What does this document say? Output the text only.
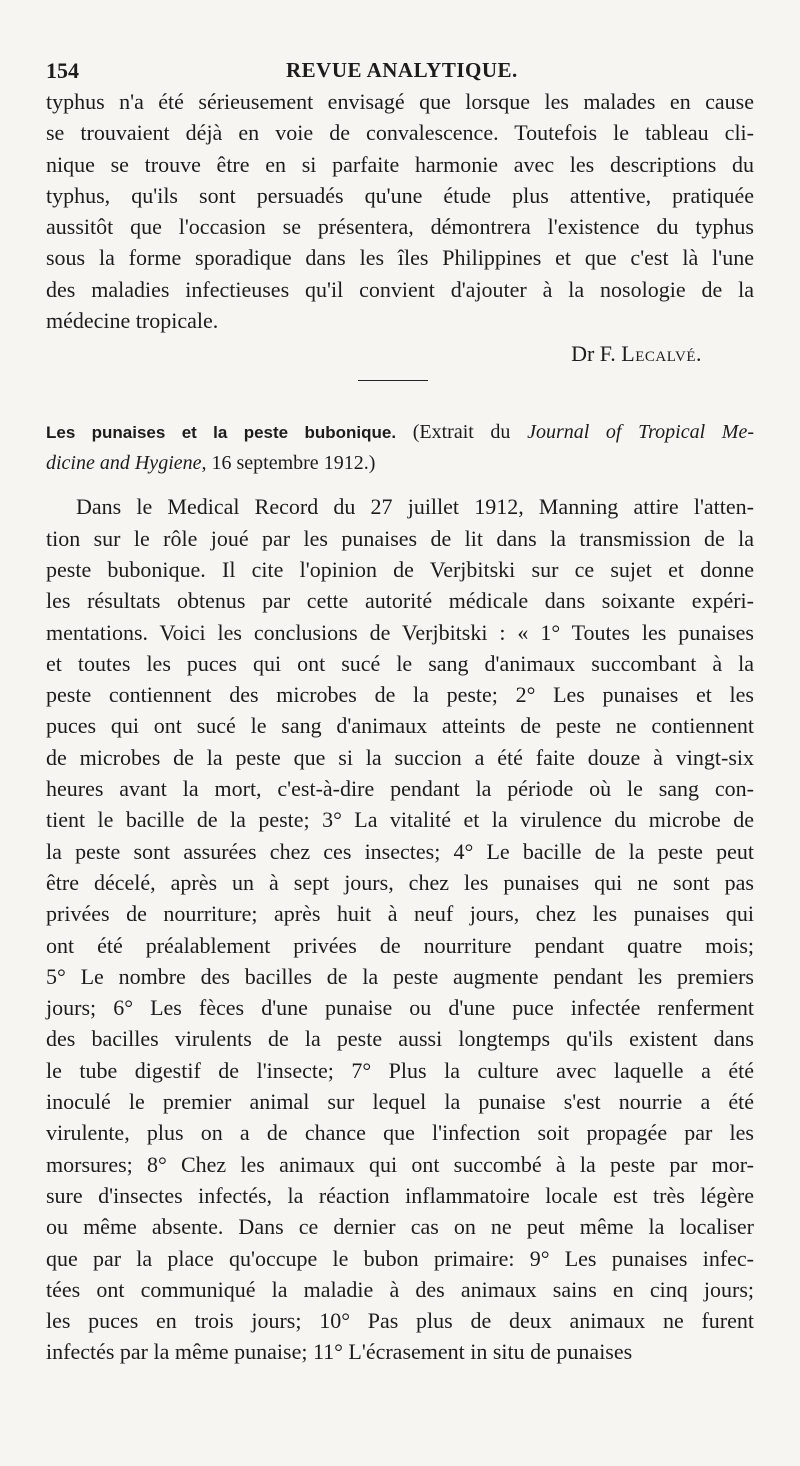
154	REVUE ANALYTIQUE.
typhus n'a été sérieusement envisagé que lorsque les malades en cause
se trouvaient déjà en voie de convalescence. Toutefois le tableau cli-
nique se trouve être en si parfaite harmonie avec les descriptions du
typhus, qu'ils sont persuadés qu'une étude plus attentive, pratiquée
aussitôt que l'occasion se présentera, démontrera l'existence du typhus
sous la forme sporadique dans les îles Philippines et que c'est là l'une
des maladies infectieuses qu'il convient d'ajouter à la nosologie de la
médecine tropicale.
Dr F. Lecalvé.
Les punaises et la peste bubonique. (Extrait du Journal of Tropical Me-
dicine and Hygiene, 16 septembre 1912.)
Dans le Medical Record du 27 juillet 1912, Manning attire l'atten-
tion sur le rôle joué par les punaises de lit dans la transmission de la
peste bubonique. Il cite l'opinion de Verjbitski sur ce sujet et donne
les résultats obtenus par cette autorité médicale dans soixante expéri-
mentations. Voici les conclusions de Verjbitski : « 1° Toutes les punaises
et toutes les puces qui ont sucé le sang d'animaux succombant à la
peste contiennent des microbes de la peste; 2° Les punaises et les
puces qui ont sucé le sang d'animaux atteints de peste ne contiennent
de microbes de la peste que si la succion a été faite douze à vingt-six
heures avant la mort, c'est-à-dire pendant la période où le sang con-
tient le bacille de la peste; 3° La vitalité et la virulence du microbe de
la peste sont assurées chez ces insectes; 4° Le bacille de la peste peut
être décelé, après un à sept jours, chez les punaises qui ne sont pas
privées de nourriture; après huit à neuf jours, chez les punaises qui
ont été préalablement privées de nourriture pendant quatre mois;
5° Le nombre des bacilles de la peste augmente pendant les premiers
jours; 6° Les fèces d'une punaise ou d'une puce infectée renferment
des bacilles virulents de la peste aussi longtemps qu'ils existent dans
le tube digestif de l'insecte; 7° Plus la culture avec laquelle a été
inoculé le premier animal sur lequel la punaise s'est nourrie a été
virulente, plus on a de chance que l'infection soit propagée par les
morsures; 8° Chez les animaux qui ont succombé à la peste par mor-
sure d'insectes infectés, la réaction inflammatoire locale est très légère
ou même absente. Dans ce dernier cas on ne peut même la localiser
que par la place qu'occupe le bubon primaire: 9° Les punaises infec-
tées ont communiqué la maladie à des animaux sains en cinq jours;
les puces en trois jours; 10° Pas plus de deux animaux ne furent
infectés par la même punaise; 11° L'écrasement in situ de punaises
